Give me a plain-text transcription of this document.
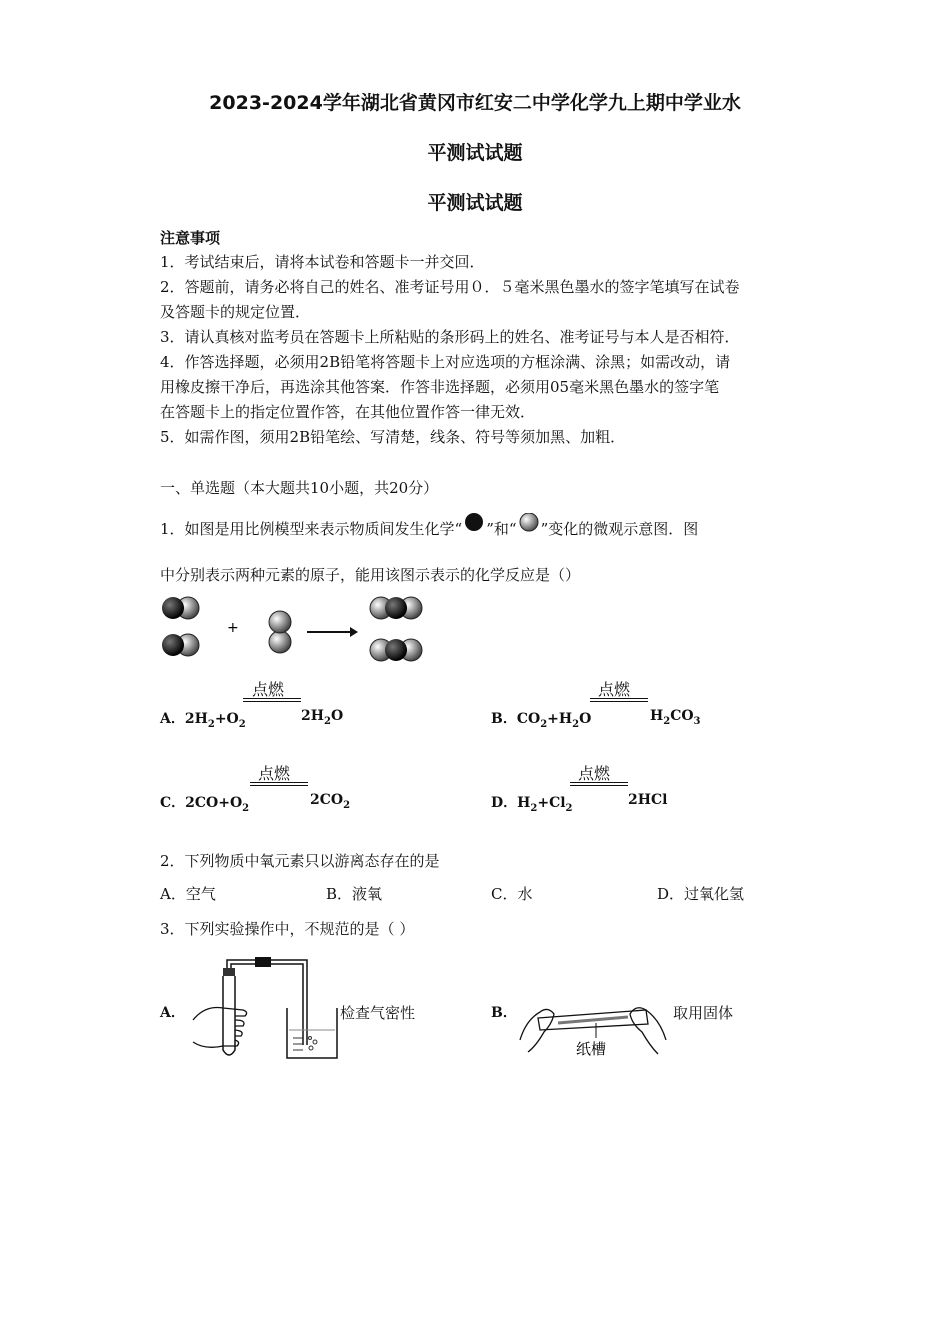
2023-2024学年湖北省黄冈市红安二中学化学九上期中学业水
平测试试题
平测试试题
注意事项
1．考试结束后，请将本试卷和答题卡一并交回．
2．答题前，请务必将自己的姓名、准考证号用０．５毫米黑色墨水的签字笔填写在试卷
及答题卡的规定位置．
3．请认真核对监考员在答题卡上所粘贴的条形码上的姓名、准考证号与本人是否相符．
4．作答选择题，必须用2B铅笔将答题卡上对应选项的方框涂满、涂黑；如需改动，请
用橡皮擦干净后，再选涂其他答案．作答非选择题，必须用05毫米黑色墨水的签字笔
在答题卡上的指定位置作答，在其他位置作答一律无效．
5．如需作图，须用2B铅笔绘、写清楚，线条、符号等须加黑、加粗．
一、单选题（本大题共10小题，共20分）
1．如图是用比例模型来表示物质间发生化学“ ”和“ ”变化的微观示意图．图
中分别表示两种元素的原子，能用该图示表示的化学反应是（）
+
A．$2H_2+O_2$
点燃
$2H_2O$	B．$CO_2+H_2O$
点燃
$H_2CO_3$
C．$2CO+O_2$
点燃
$2CO_2$	D．$H_2+Cl_2$
点燃
2HCl
2．下列物质中氧元素只以游离态存在的是
A．空气	B．液氧	C．水	D．过氧化氢
3．下列实验操作中，不规范的是（ ）
A．	检查气密性	B．
纸槽
取用固体
